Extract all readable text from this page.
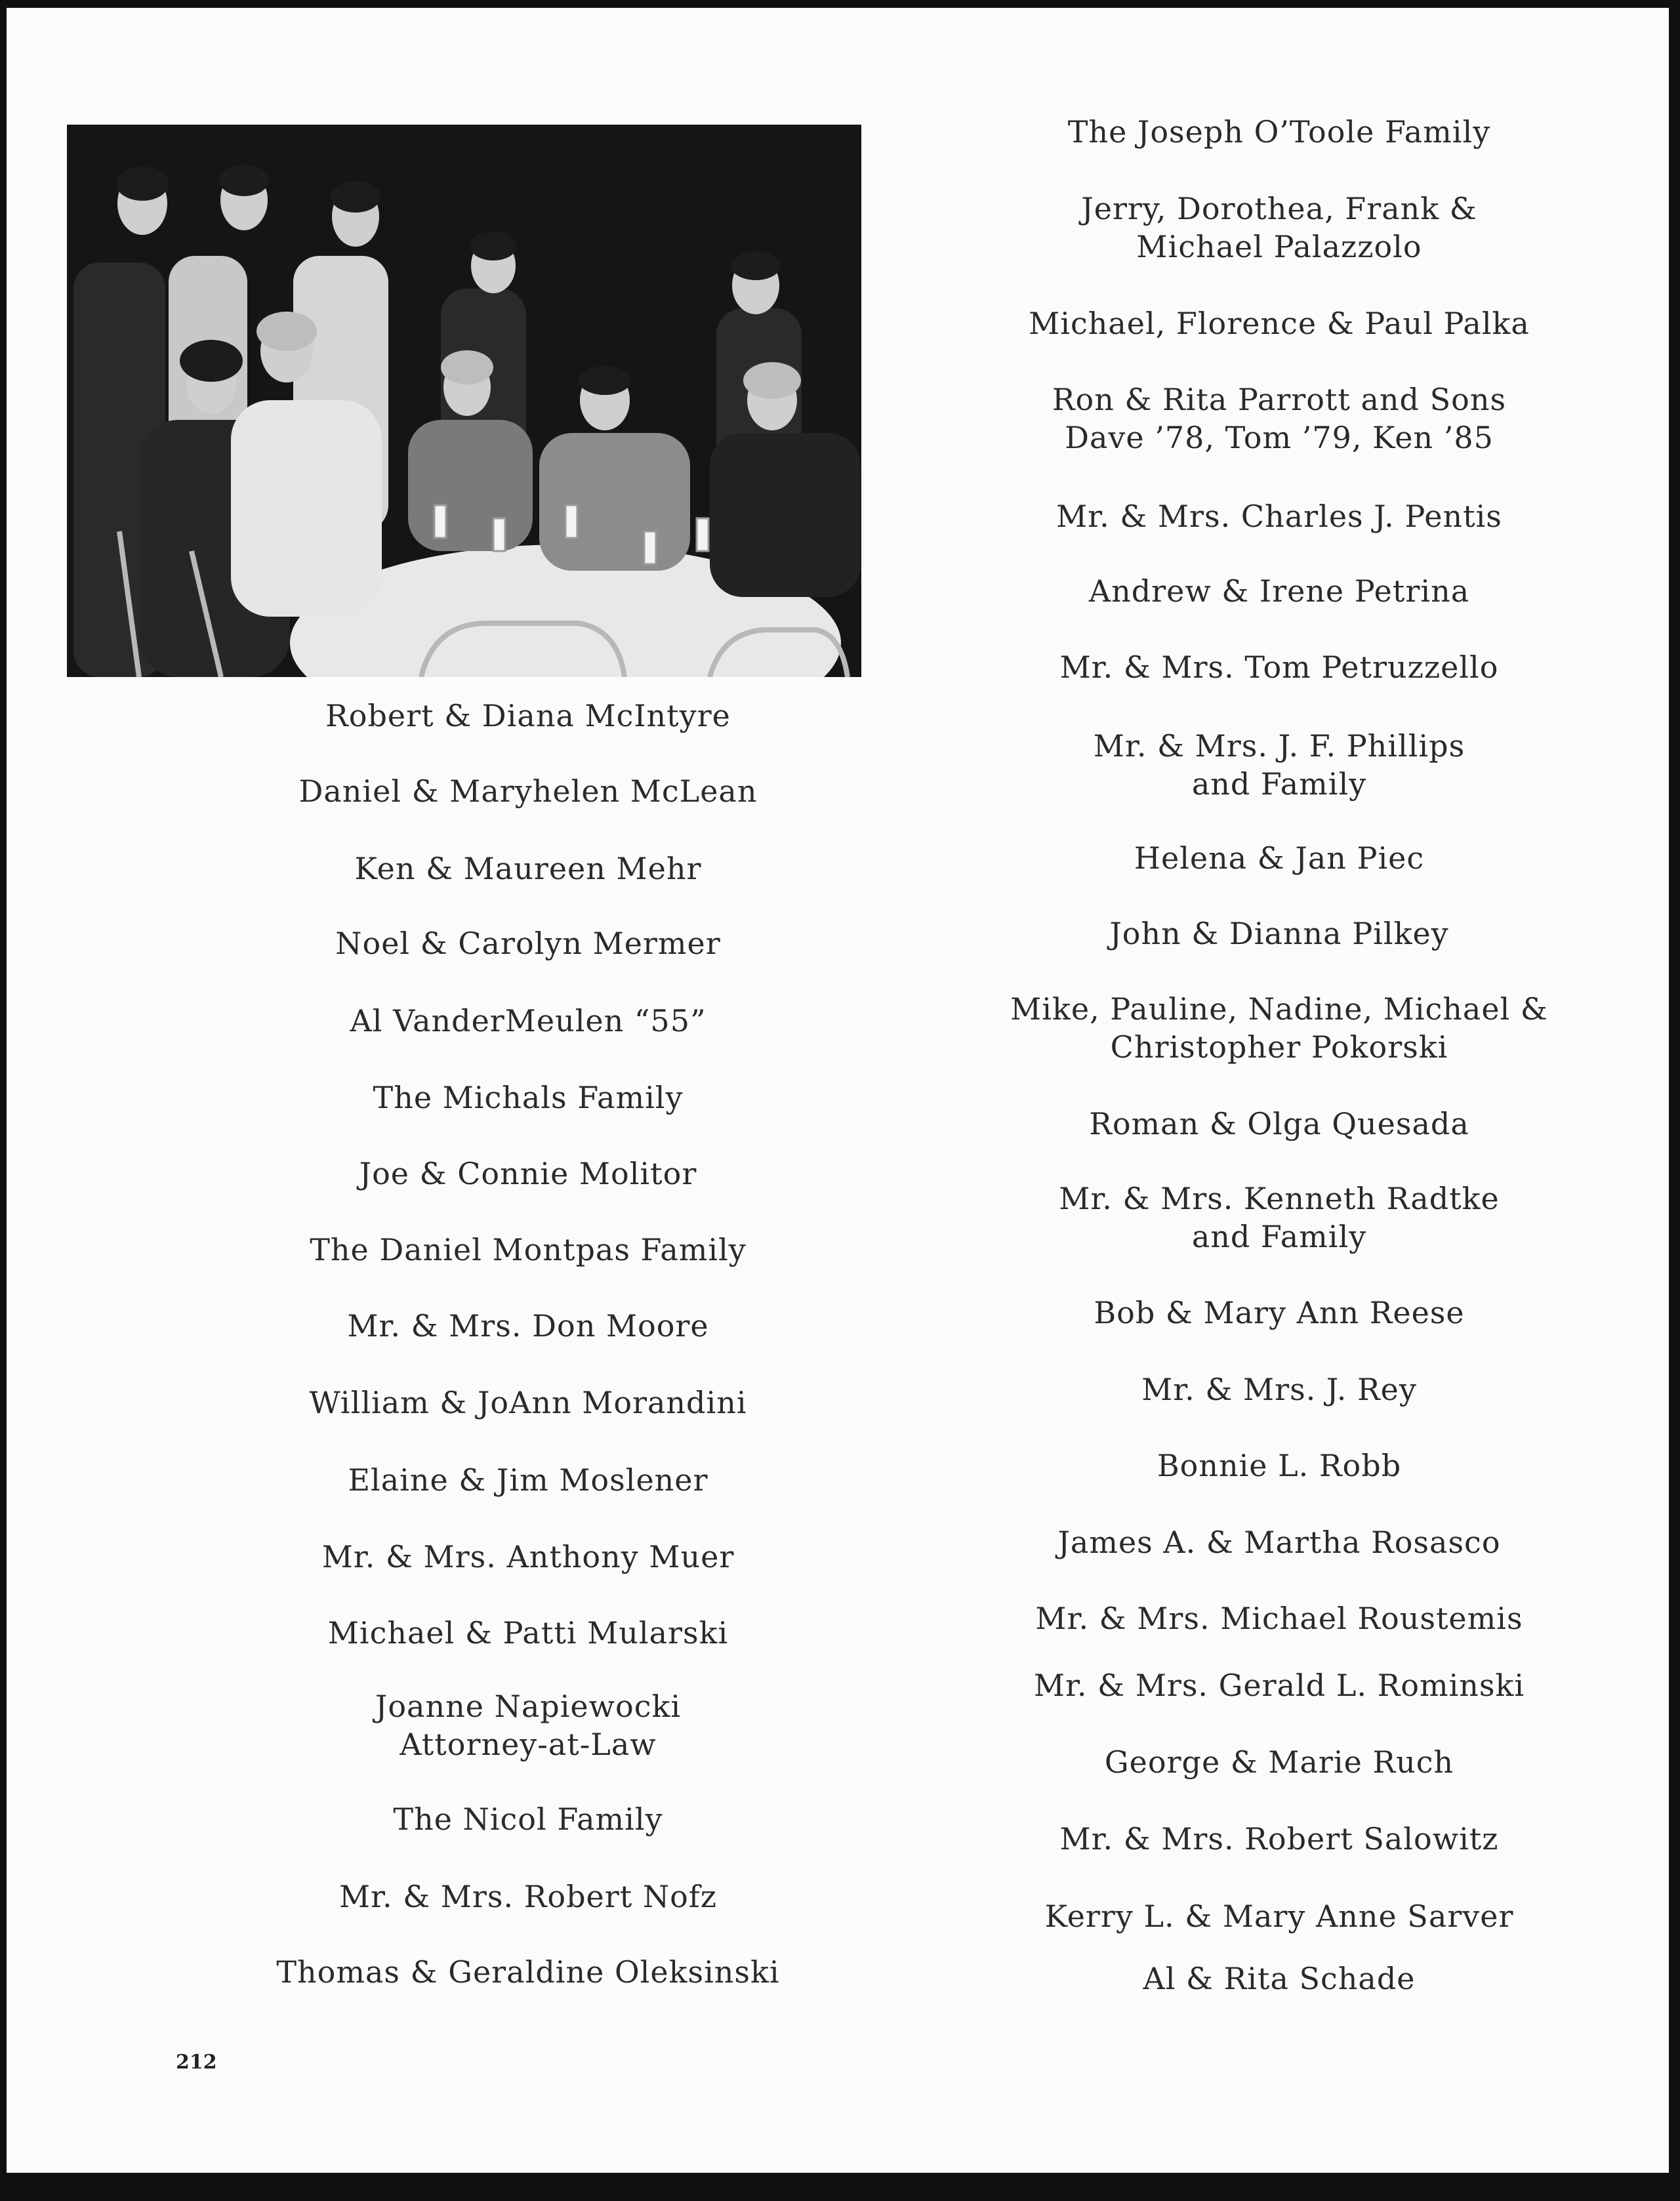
Robert & Diana McIntyre
Daniel & Maryhelen McLean
Ken & Maureen Mehr
Noel & Carolyn Mermer
Al VanderMeulen “55”
The Michals Family
Joe & Connie Molitor
The Daniel Montpas Family
Mr. & Mrs. Don Moore
William & JoAnn Morandini
Elaine & Jim Moslener
Mr. & Mrs. Anthony Muer
Michael & Patti Mularski
Joanne Napiewocki
Attorney-at-Law
The Nicol Family
Mr. & Mrs. Robert Nofz
Thomas & Geraldine Oleksinski
The Joseph O’Toole Family
Jerry, Dorothea, Frank &
Michael Palazzolo
Michael, Florence & Paul Palka
Ron & Rita Parrott and Sons
Dave ’78, Tom ’79, Ken ’85
Mr. & Mrs. Charles J. Pentis
Andrew & Irene Petrina
Mr. & Mrs. Tom Petruzzello
Mr. & Mrs. J. F. Phillips
and Family
Helena & Jan Piec
John & Dianna Pilkey
Mike, Pauline, Nadine, Michael &
Christopher Pokorski
Roman & Olga Quesada
Mr. & Mrs. Kenneth Radtke
and Family
Bob & Mary Ann Reese
Mr. & Mrs. J. Rey
Bonnie L. Robb
James A. & Martha Rosasco
Mr. & Mrs. Michael Roustemis
Mr. & Mrs. Gerald L. Rominski
George & Marie Ruch
Mr. & Mrs. Robert Salowitz
Kerry L. & Mary Anne Sarver
Al & Rita Schade
212
